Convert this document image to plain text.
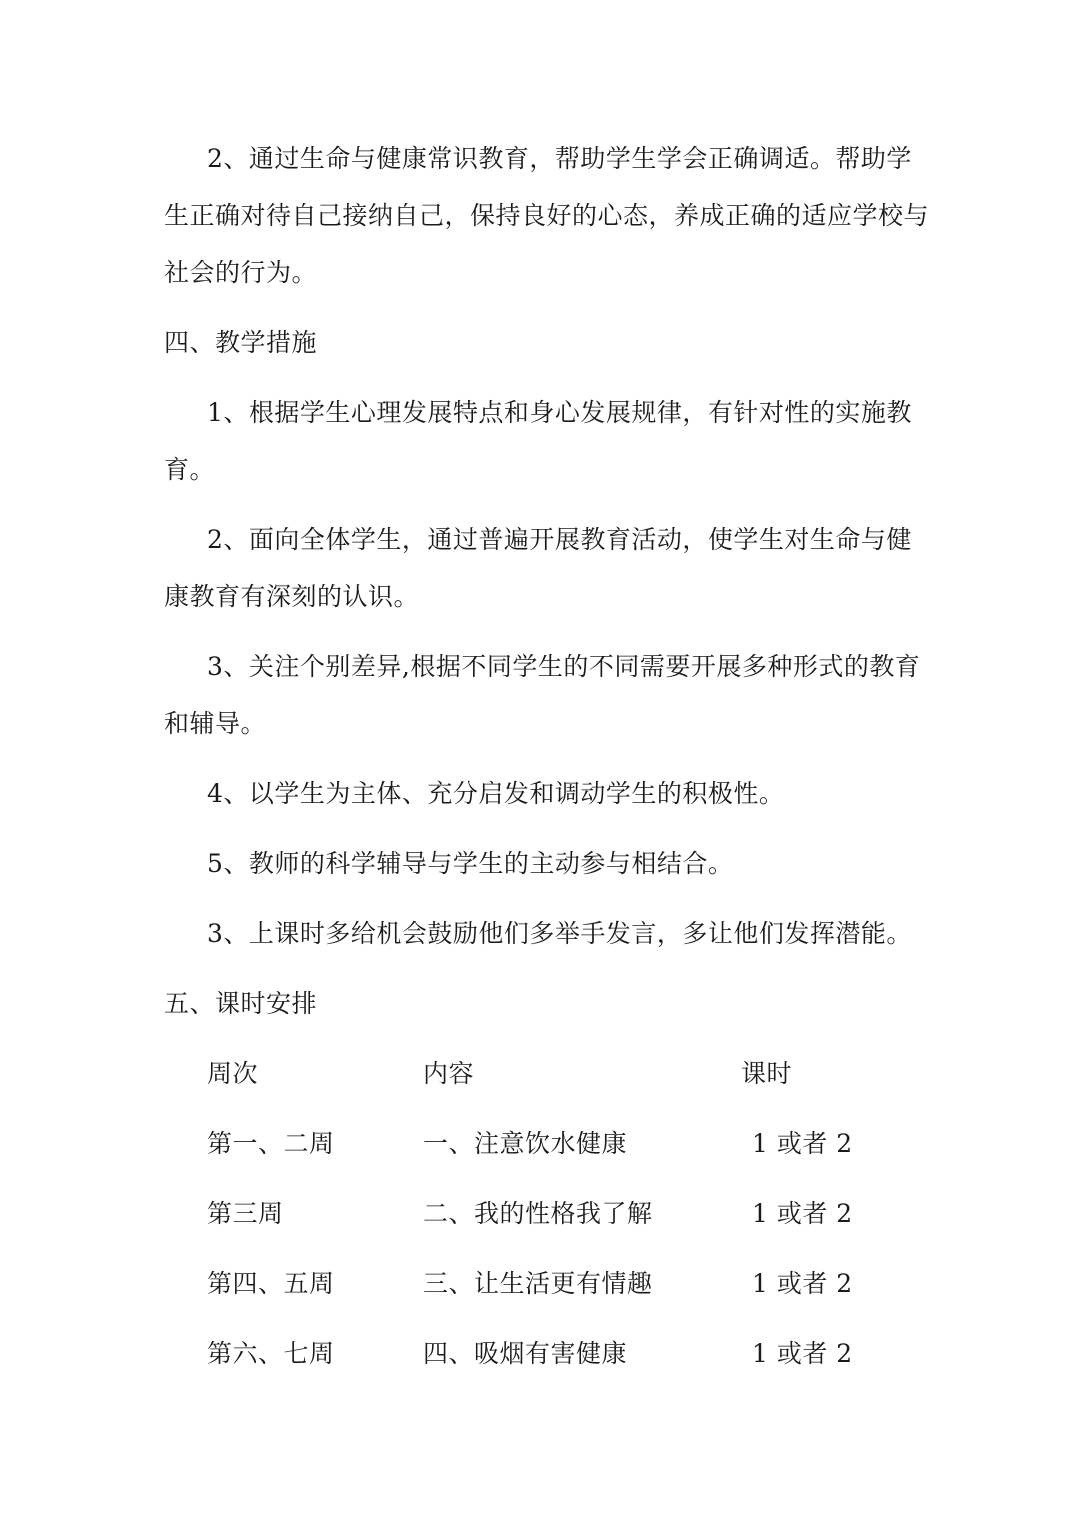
2、通过生命与健康常识教育，帮助学生学会正确调适。帮助学
生正确对待自己接纳自己，保持良好的心态，养成正确的适应学校与
社会的行为。
四、教学措施
1、根据学生心理发展特点和身心发展规律，有针对性的实施教
育。
2、面向全体学生，通过普遍开展教育活动，使学生对生命与健
康教育有深刻的认识。
3、关注个别差异,根据不同学生的不同需要开展多种形式的教育
和辅导。
4、以学生为主体、充分启发和调动学生的积极性。
5、教师的科学辅导与学生的主动参与相结合。
3、上课时多给机会鼓励他们多举手发言，多让他们发挥潜能。
五、课时安排
周次	内容	课时
第一、二周	一、注意饮水健康	1 或者 2
第三周	二、我的性格我了解	1 或者 2
第四、五周	三、让生活更有情趣	1 或者 2
第六、七周	四、吸烟有害健康	1 或者 2
